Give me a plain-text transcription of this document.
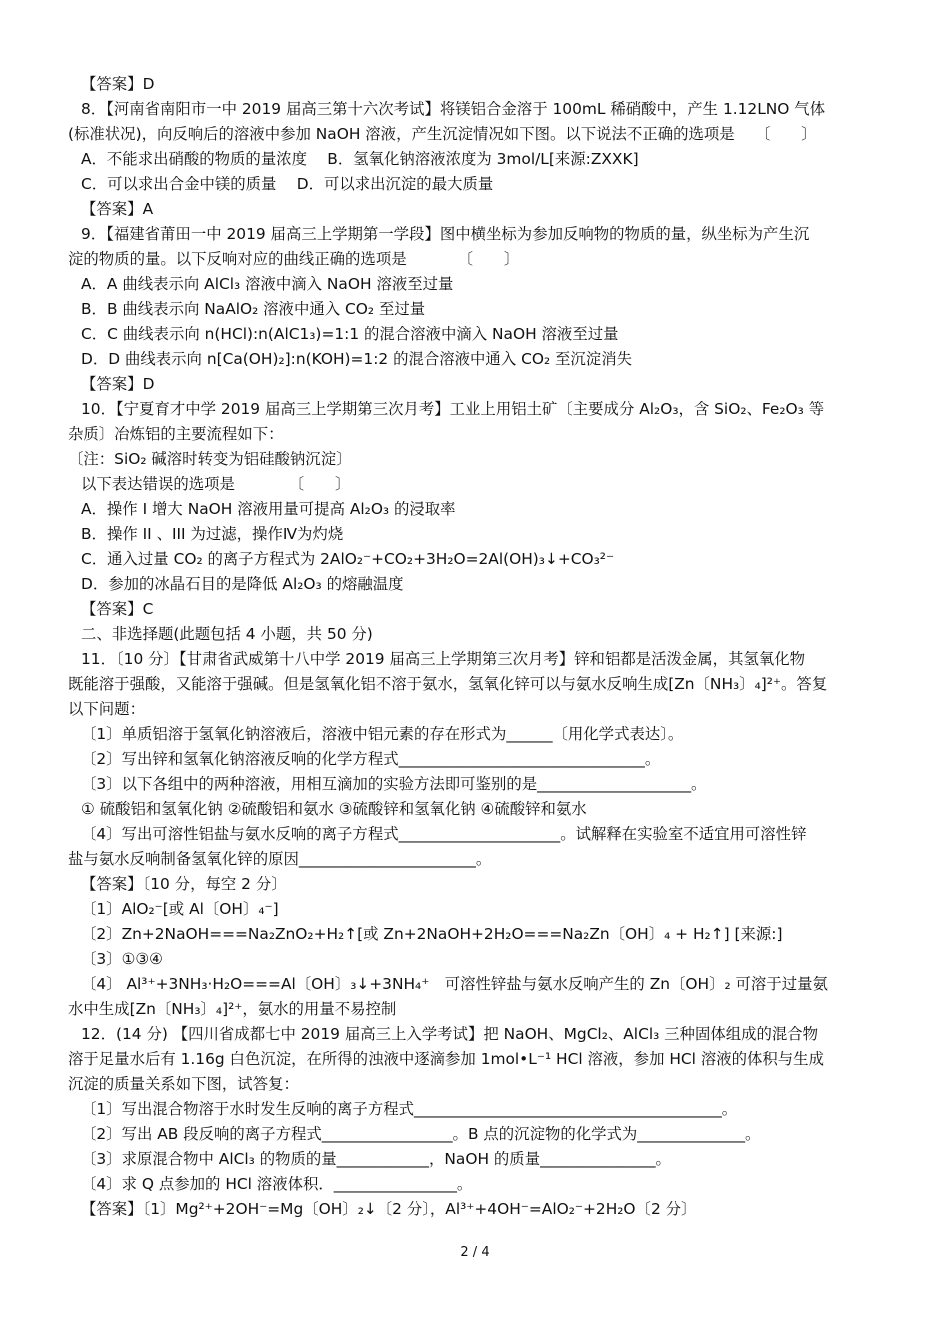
【答案】D
8．【河南省南阳市一中 2019 届高三第十六次考试】将镁铝合金溶于 100mL 稀硝酸中，产生 1.12LNO 气体
(标准状况)，向反响后的溶液中参加 NaOH 溶液，产生沉淀情况如下图。以下说法不正确的选项是　 〔　　〕
A．不能求出硝酸的物质的量浓度　 B．氢氧化钠溶液浓度为 3mol/L[来源:ZXXK]
C．可以求出合金中镁的质量　 D．可以求出沉淀的最大质量
【答案】A
9．【福建省莆田一中 2019 届高三上学期第一学段】图中横坐标为参加反响物的物质的量，纵坐标为产生沉
淀的物质的量。以下反响对应的曲线正确的选项是　　　 〔　　〕
A．A 曲线表示向 AlCl₃ 溶液中滴入 NaOH 溶液至过量
B．B 曲线表示向 NaAlO₂ 溶液中通入 CO₂ 至过量
C．C 曲线表示向 n(HCl):n(AlC1₃)=1:1 的混合溶液中滴入 NaOH 溶液至过量
D．D 曲线表示向 n[Ca(OH)₂]:n(KOH)=1:2 的混合溶液中通入 CO₂ 至沉淀消失
【答案】D
10．【宁夏育才中学 2019 届高三上学期第三次月考】工业上用铝土矿〔主要成分 Al₂O₃，含 SiO₂、Fe₂O₃ 等
杂质〕冶炼铝的主要流程如下：
〔注：SiO₂ 碱溶时转变为铝硅酸钠沉淀〕
以下表达错误的选项是　　　　〔　　〕
A．操作 I 增大 NaOH 溶液用量可提高 Al₂O₃ 的浸取率
B．操作 II 、III 为过滤，操作Ⅳ为灼烧
C．通入过量 CO₂ 的离子方程式为 2AlO₂⁻+CO₂+3H₂O=2Al(OH)₃↓+CO₃²⁻
D．参加的冰晶石目的是降低 Al₂O₃ 的熔融温度
【答案】C
二、非选择题(此题包括 4 小题，共 50 分)
11．〔10 分〕【甘肃省武威第十八中学 2019 届高三上学期第三次月考】锌和铝都是活泼金属，其氢氧化物
既能溶于强酸，又能溶于强碱。但是氢氧化铝不溶于氨水，氢氧化锌可以与氨水反响生成[Zn〔NH₃〕₄]²⁺。答复
以下问题：
〔1〕单质铝溶于氢氧化钠溶液后，溶液中铝元素的存在形式为______〔用化学式表达〕。
〔2〕写出锌和氢氧化钠溶液反响的化学方程式________________________________。
〔3〕以下各组中的两种溶液，用相互滴加的实验方法即可鉴别的是____________________。
① 硫酸铝和氢氧化钠 ②硫酸铝和氨水 ③硫酸锌和氢氧化钠 ④硫酸锌和氨水
〔4〕写出可溶性铝盐与氨水反响的离子方程式_____________________。试解释在实验室不适宜用可溶性锌
盐与氨水反响制备氢氧化锌的原因_______________________。
【答案】〔10 分，每空 2 分〕
〔1〕AlO₂⁻[或 Al〔OH〕₄⁻]
〔2〕Zn+2NaOH===Na₂ZnO₂+H₂↑[或 Zn+2NaOH+2H₂O===Na₂Zn〔OH〕₄ + H₂↑] [来源:]
〔3〕①③④
〔4〕 Al³⁺+3NH₃·H₂O===Al〔OH〕₃↓+3NH₄⁺　可溶性锌盐与氨水反响产生的 Zn〔OH〕₂ 可溶于过量氨
水中生成[Zn〔NH₃〕₄]²⁺，氨水的用量不易控制
12．(14 分) 【四川省成都七中 2019 届高三上入学考试】把 NaOH、MgCl₂、AlCl₃ 三种固体组成的混合物
溶于足量水后有 1.16g 白色沉淀，在所得的浊液中逐滴参加 1mol•L⁻¹ HCl 溶液，参加 HCl 溶液的体积与生成
沉淀的质量关系如下图，试答复：
〔1〕写出混合物溶于水时发生反响的离子方程式________________________________________。
〔2〕写出 AB 段反响的离子方程式_________________。B 点的沉淀物的化学式为______________。
〔3〕求原混合物中 AlCl₃ 的物质的量____________，NaOH 的质量_______________。
〔4〕求 Q 点参加的 HCl 溶液体积．________________。
【答案】〔1〕Mg²⁺+2OH⁻=Mg〔OH〕₂↓〔2 分〕，Al³⁺+4OH⁻=AlO₂⁻+2H₂O〔2 分〕
2 / 4
